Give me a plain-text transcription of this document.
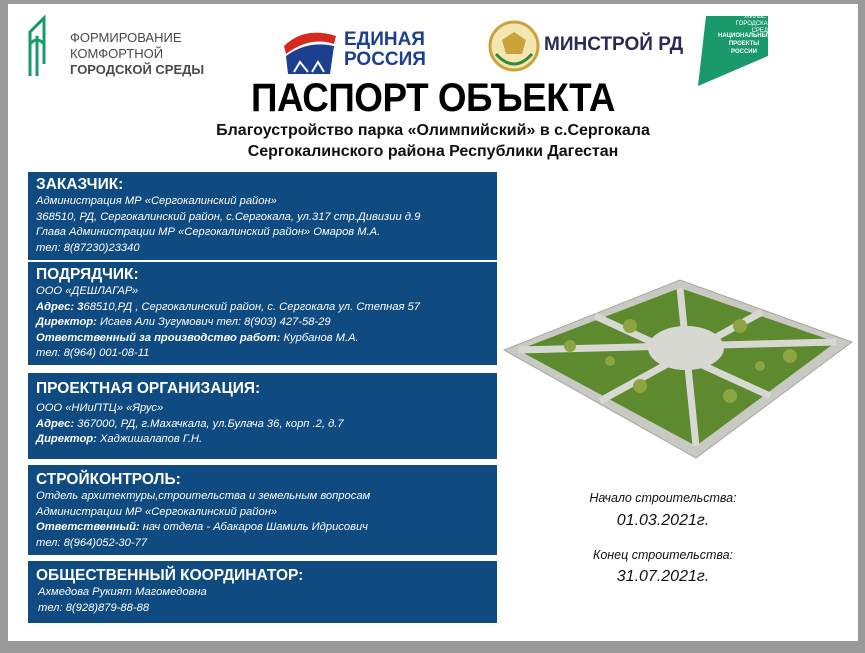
ФОРМИРОВАНИЕ
КОМФОРТНОЙ
ГОРОДСКОЙ СРЕДЫ
ЕДИНАЯ
РОССИЯ
МИНСТРОЙ РД
ЖИЛЬЕ И ГОРОДСКАЯ СРЕДА
НАЦИОНАЛЬНЫЕ ПРОЕКТЫ РОССИИ
ПАСПОРТ ОБЪЕКТА
Благоустройство парка «Олимпийский» в с.Сергокала
Сергокалинского района Республики Дагестан
ЗАКАЗЧИК:

Администрация МР «Сергокалинский район»

368510, РД, Сергокалинский район, с.Сергокала, ул.317 стр.Дивизии д.9

Глава Администрации МР «Сергокалинский район» Омаров М.А.

тел: 8(87230)23340

ПОДРЯДЧИК:

ООО «ДЕШЛАГАР»

Адрес: 368510,РД , Сергокалинский район, с. Сергокала ул. Степная 57

Директор: Исаев Али Зугумович тел: 8(903) 427-58-29

Ответственный за производство работ: Курбанов М.А.

тел: 8(964) 001-08-11

ПРОЕКТНАЯ ОРГАНИЗАЦИЯ:

ООО «НИиПТЦ» «Ярус»

Адрес: 367000, РД, г.Махачкала, ул.Булача 36, корп .2, д.7

Директор: Хаджишалапов Г.Н.

СТРОЙКОНТРОЛЬ:

Отдель архитектуры,строительства и земельным вопросам

Администрации МР «Сергокалинский район»

Ответственный: нач отдела - Абакаров Шамиль Идрисович

тел: 8(964)052-30-77

ОБЩЕСТВЕННЫЙ КООРДИНАТОР:

Ахмедова Рукият Магомедовна

тел: 8(928)879-88-88

Начало строительства:
01.03.2021г.
Конец строительства:
31.07.2021г.
